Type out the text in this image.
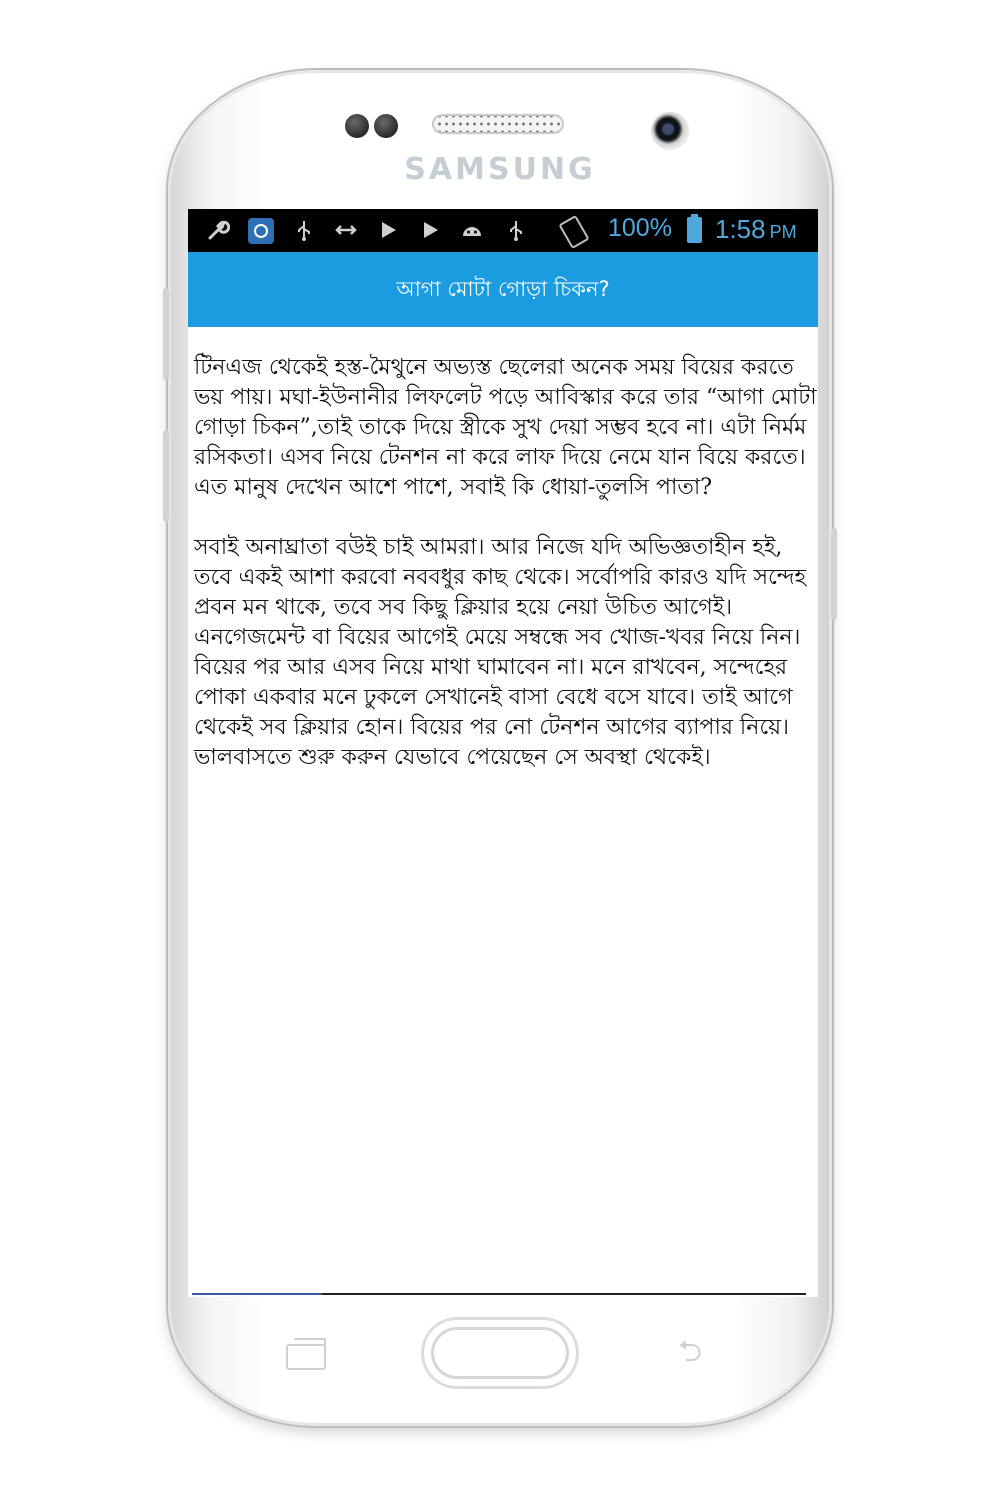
SAMSUNG
100% 1:58 PM
আগা মোটা গোড়া চিকন?

টিনএজ থেকেই হস্ত-মৈথুনে অভ্যস্ত ছেলেরা অনেক সময় বিয়ের করতে ভয় পায়। মঘা-ইউনানীর লিফলেট পড়ে আবিস্কার করে তার “আগা মোটা গোড়া চিকন”,তাই তাকে দিয়ে স্ত্রীকে সুখ দেয়া সম্ভব হবে না। এটা নির্মম রসিকতা। এসব নিয়ে টেনশন না করে লাফ দিয়ে নেমে যান বিয়ে করতে। এত মানুষ দেখেন আশে পাশে, সবাই কি ধোয়া-তুলসি পাতা?

সবাই অনাঘ্রাতা বউই চাই আমরা। আর নিজে যদি অভিজ্ঞতাহীন হই, তবে একই আশা করবো নববধুর কাছ থেকে। সর্বোপরি কারও যদি সন্দেহ প্রবন মন থাকে, তবে সব কিছু ক্লিয়ার হয়ে নেয়া উচিত আগেই। এনগেজমেন্ট বা বিয়ের আগেই মেয়ে সম্বন্ধে সব খোজ-খবর নিয়ে নিন। বিয়ের পর আর এসব নিয়ে মাথা ঘামাবেন না। মনে রাখবেন, সন্দেহের পোকা একবার মনে ঢুকলে সেখানেই বাসা বেধে বসে যাবে। তাই আগে থেকেই সব ক্লিয়ার হোন। বিয়ের পর নো টেনশন আগের ব্যাপার নিয়ে। ভালবাসতে শুরু করুন যেভাবে পেয়েছেন সে অবস্থা থেকেই।

⮌
